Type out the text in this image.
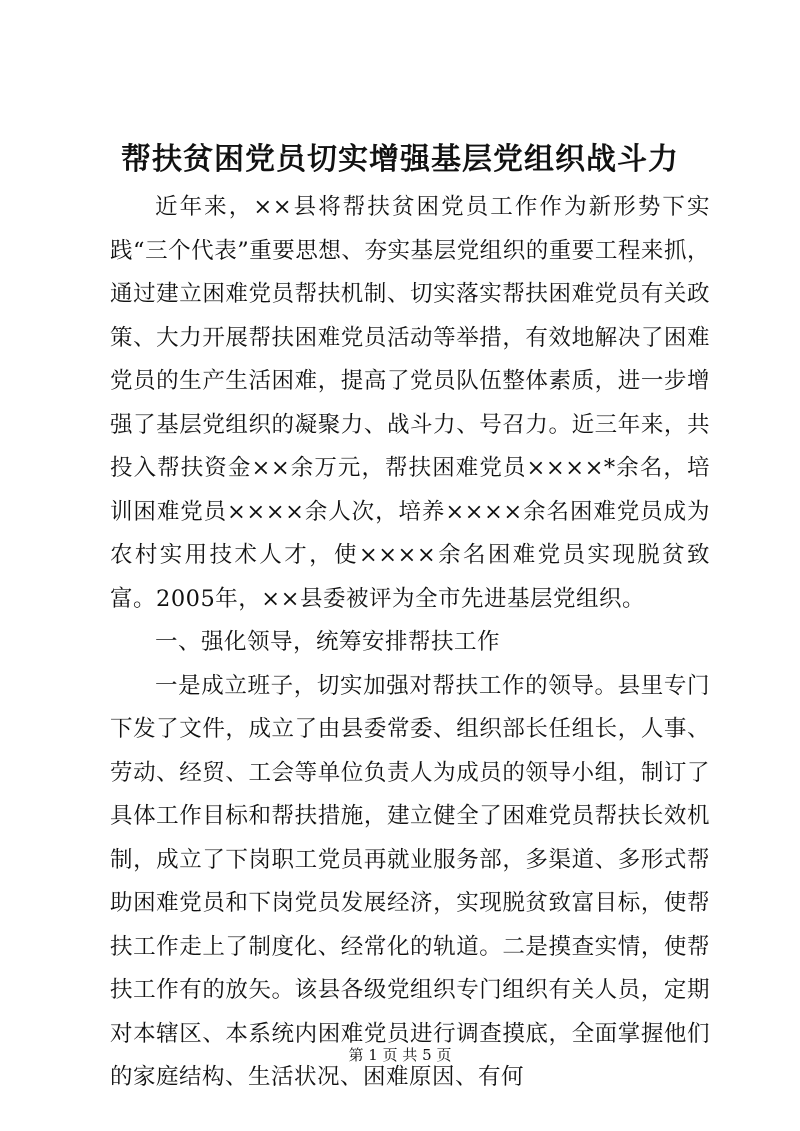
帮扶贫困党员切实增强基层党组织战斗力

近年来，××县将帮扶贫困党员工作作为新形势下实践“三个代表”重要思想、夯实基层党组织的重要工程来抓，通过建立困难党员帮扶机制、切实落实帮扶困难党员有关政策、大力开展帮扶困难党员活动等举措，有效地解决了困难党员的生产生活困难，提高了党员队伍整体素质，进一步增强了基层党组织的凝聚力、战斗力、号召力。近三年来，共投入帮扶资金××余万元，帮扶困难党员××××*余名，培训困难党员××××余人次，培养××××余名困难党员成为农村实用技术人才，使××××余名困难党员实现脱贫致富。2005年，××县委被评为全市先进基层党组织。

一、强化领导，统筹安排帮扶工作

一是成立班子，切实加强对帮扶工作的领导。县里专门下发了文件，成立了由县委常委、组织部长任组长，人事、劳动、经贸、工会等单位负责人为成员的领导小组，制订了具体工作目标和帮扶措施，建立健全了困难党员帮扶长效机制，成立了下岗职工党员再就业服务部，多渠道、多形式帮助困难党员和下岗党员发展经济，实现脱贫致富目标，使帮扶工作走上了制度化、经常化的轨道。二是摸查实情，使帮扶工作有的放矢。该县各级党组织专门组织有关人员，定期对本辖区、本系统内困难党员进行调查摸底，全面掌握他们的家庭结构、生活状况、困难原因、有何

第 1 页 共 5 页
